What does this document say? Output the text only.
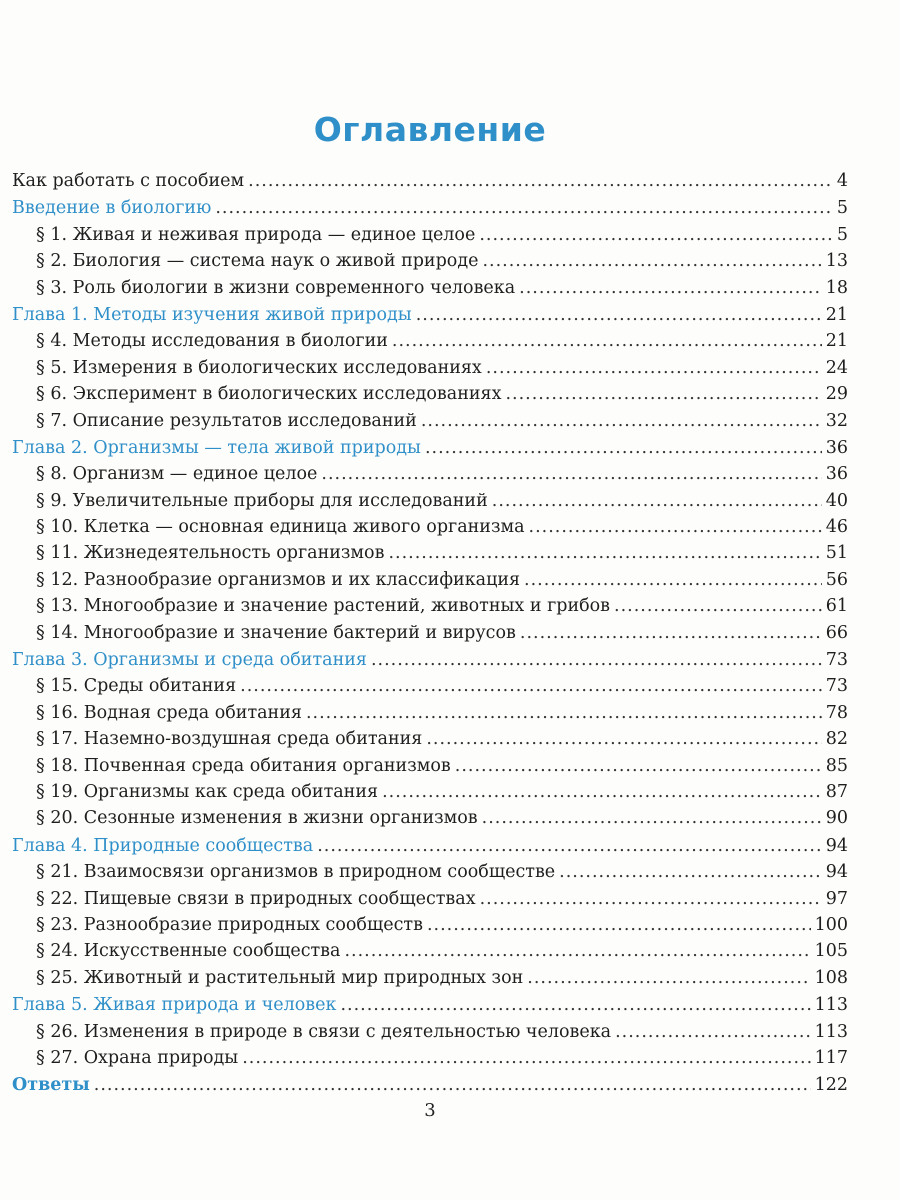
Оглавление
Как работать с пособием .....	4
Введение в биологию .....	5
§ 1. Живая и неживая природа — единое целое .....	5
§ 2. Биология — система наук о живой природе .....	13
§ 3. Роль биологии в жизни современного человека .....	18
Глава 1. Методы изучения живой природы .....	21
§ 4. Методы исследования в биологии .....	21
§ 5. Измерения в биологических исследованиях .....	24
§ 6. Эксперимент в биологических исследованиях .....	29
§ 7. Описание результатов исследований .....	32
Глава 2. Организмы — тела живой природы .....	36
§ 8. Организм — единое целое .....	36
§ 9. Увеличительные приборы для исследований .....	40
§ 10. Клетка — основная единица живого организма .....	46
§ 11. Жизнедеятельность организмов .....	51
§ 12. Разнообразие организмов и их классификация .....	56
§ 13. Многообразие и значение растений, животных и грибов .....	61
§ 14. Многообразие и значение бактерий и вирусов .....	66
Глава 3. Организмы и среда обитания .....	73
§ 15. Среды обитания .....	73
§ 16. Водная среда обитания .....	78
§ 17. Наземно-воздушная среда обитания .....	82
§ 18. Почвенная среда обитания организмов .....	85
§ 19. Организмы как среда обитания .....	87
§ 20. Сезонные изменения в жизни организмов .....	90
Глава 4. Природные сообщества .....	94
§ 21. Взаимосвязи организмов в природном сообществе .....	94
§ 22. Пищевые связи в природных сообществах .....	97
§ 23. Разнообразие природных сообществ .....	100
§ 24. Искусственные сообщества .....	105
§ 25. Животный и растительный мир природных зон .....	108
Глава 5. Живая природа и человек .....	113
§ 26. Изменения в природе в связи с деятельностью человека .....	113
§ 27. Охрана природы .....	117
Ответы .....	122
3
